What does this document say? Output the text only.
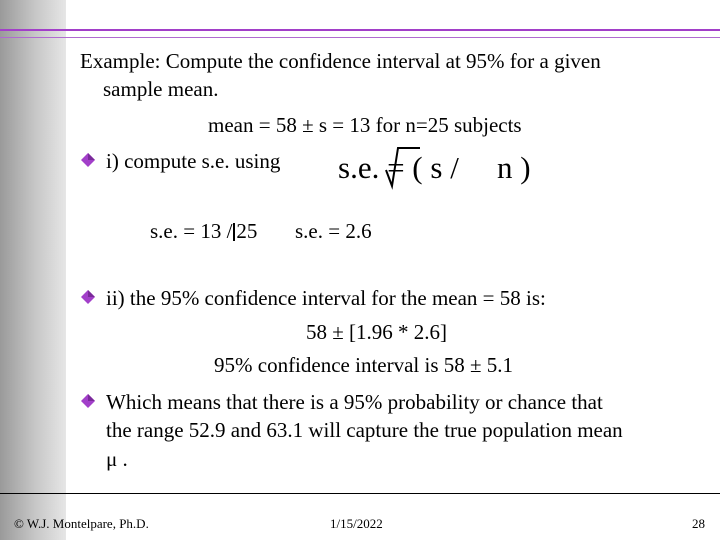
Example: Compute the confidence interval at 95% for a given
sample mean.
mean = 58 ± s = 13 for n=25 subjects
i) compute s.e. using s.e. = ( s / n )
s.e. = 13 / 25 s.e. = 2.6
ii) the 95% confidence interval for the mean = 58 is:
58 ± [1.96 * 2.6]
95% confidence interval is 58 ± 5.1
Which means that there is a 95% probability or chance that
the range 52.9 and 63.1 will capture the true population mean
μ .
© W.J. Montelpare, Ph.D.	1/15/2022	28
